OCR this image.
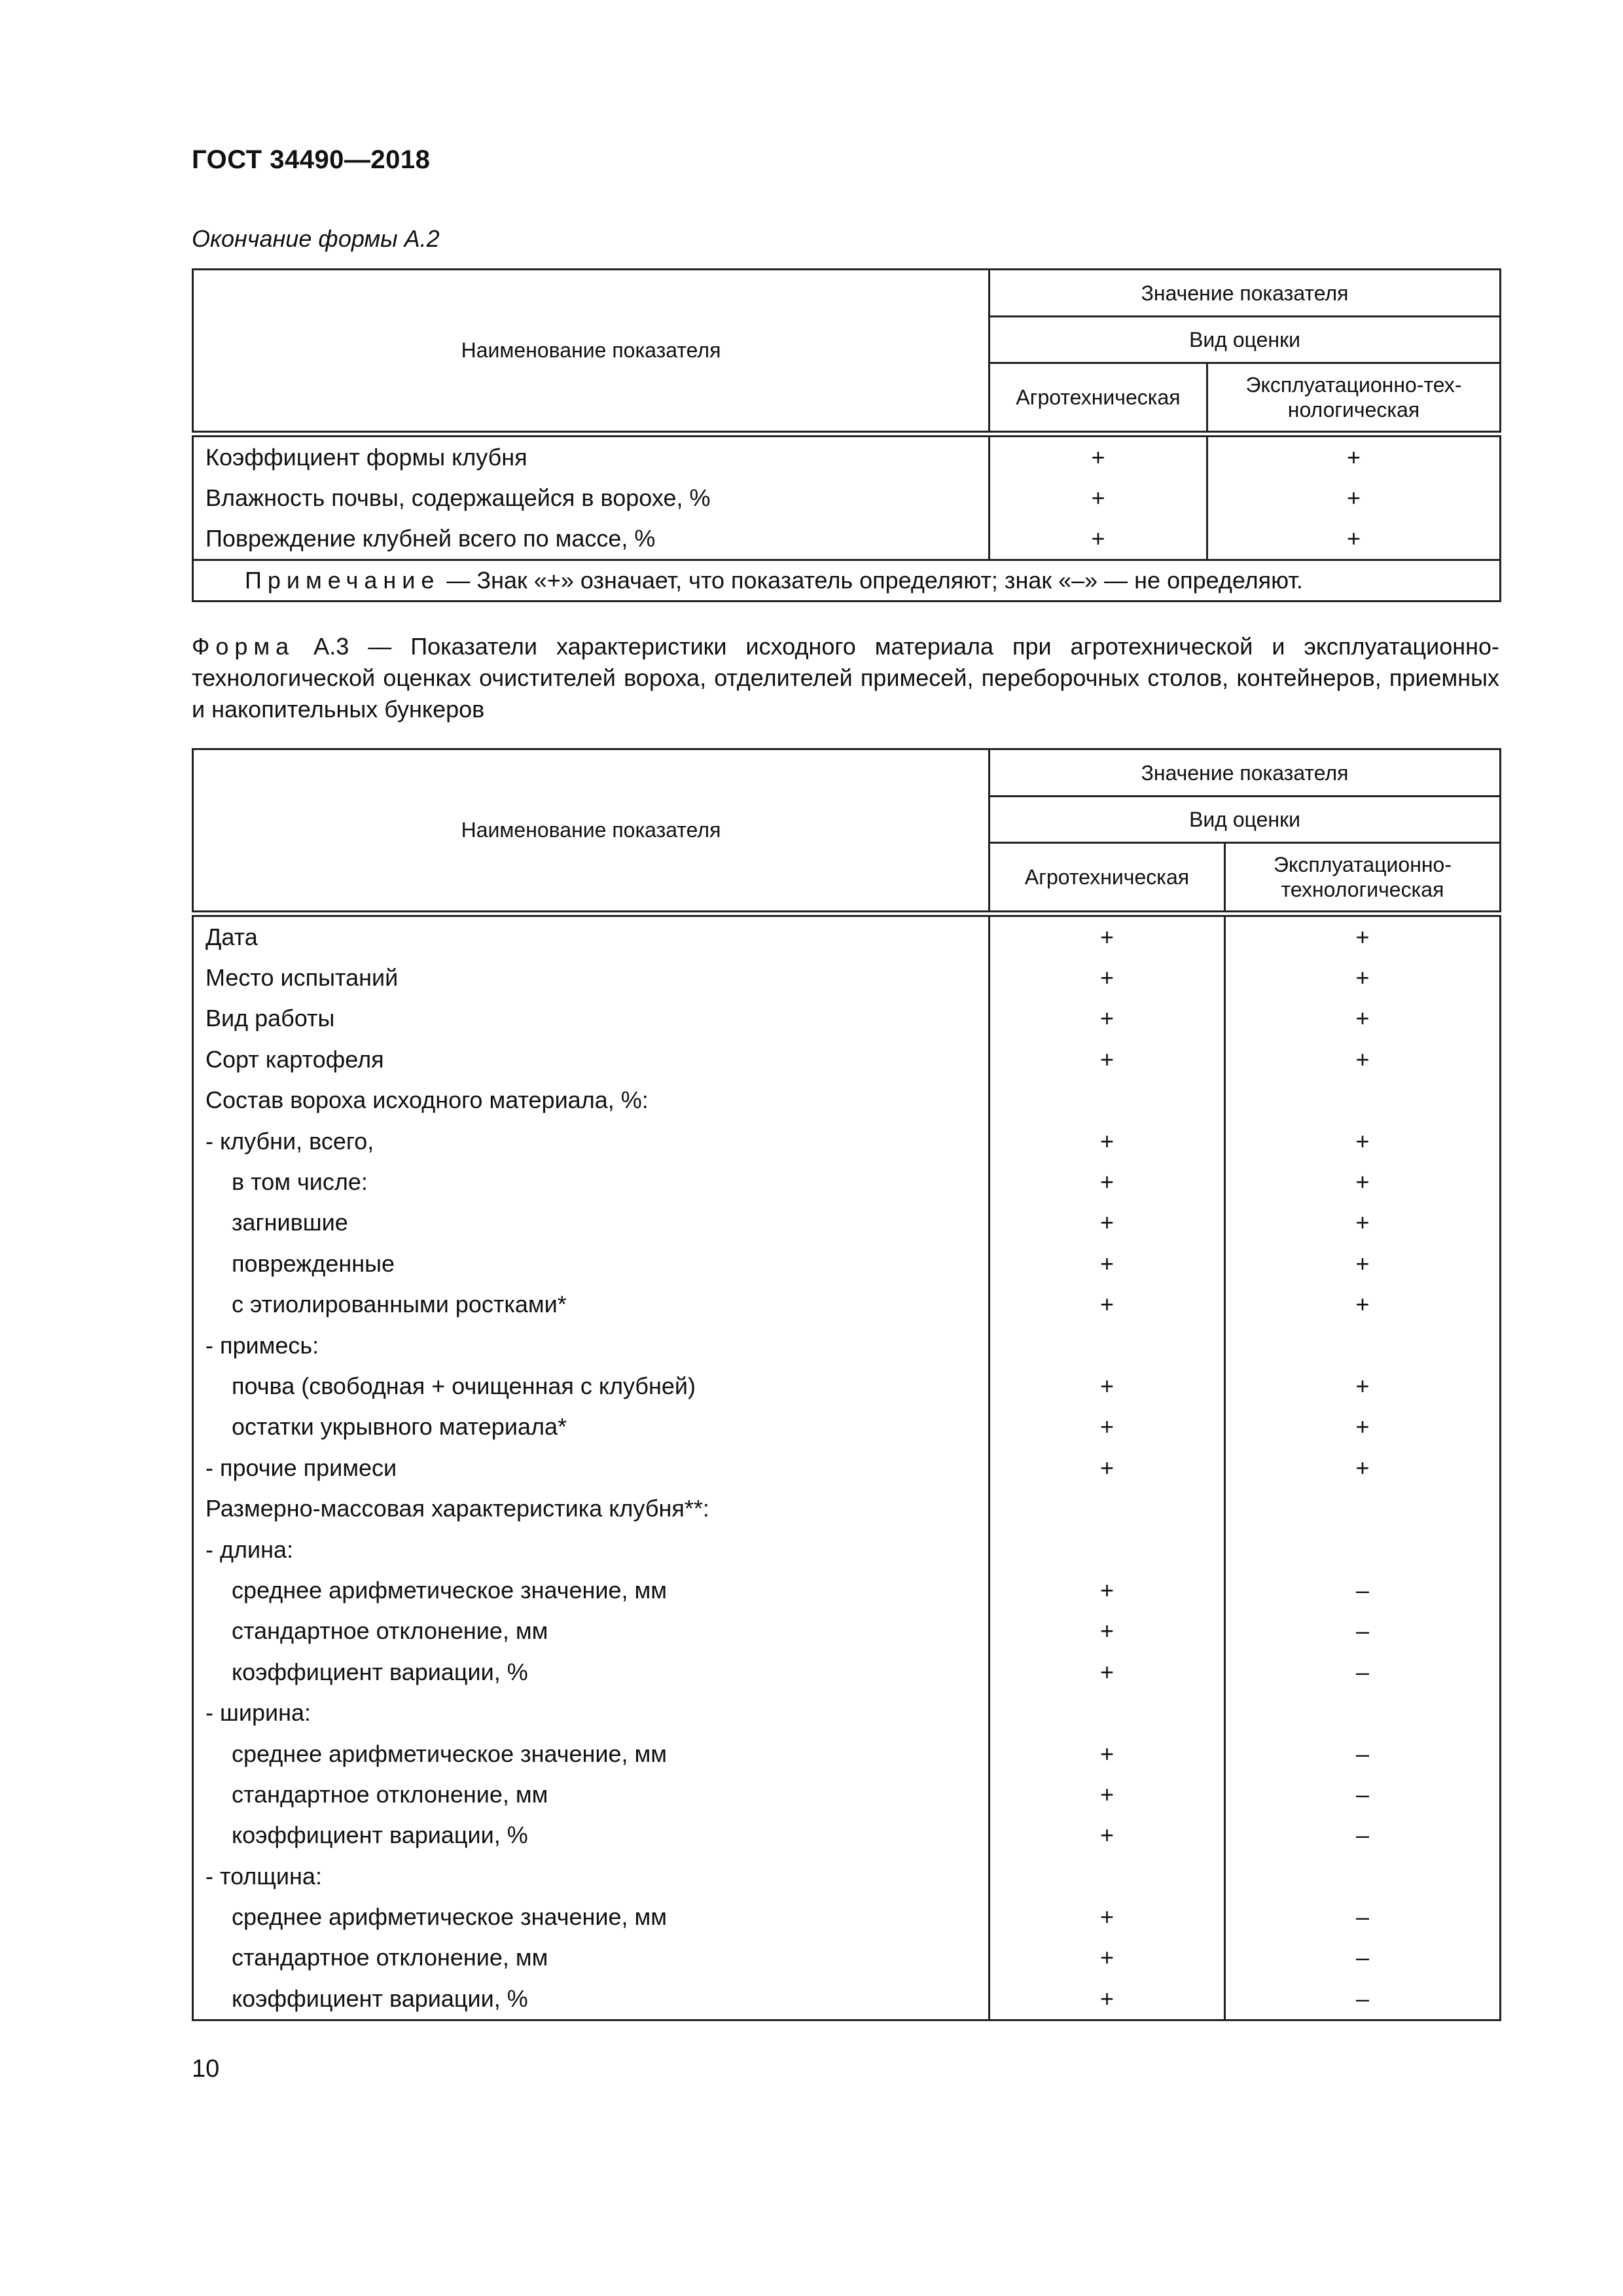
ГОСТ 34490—2018
Окончание формы А.2
Наименование показателя	Значение показателя	
	Вид оценки	
	Агротехническая	Эксплуатационно-тех-
нологическая
Коэффициент формы клубня	+	+
Влажность почвы, содержащейся в ворохе, %	+	+
Повреждение клубней всего по массе, %	+	+
Примечание — Знак «+» означает, что показатель определяют; знак «–» — не определяют.		
Форма А.3 — Показатели характеристики исходного материала при агротехнической и эксплуатационно-технологической оценках очистителей вороха, отделителей примесей, переборочных столов, контейнеров, приемных и накопительных бункеров
Наименование показателя	Значение показателя	
	Вид оценки	
	Агротехническая	Эксплуатационно-
технологическая
Дата	+	+
Место испытаний	+	+
Вид работы	+	+
Сорт картофеля	+	+
Состав вороха исходного материала, %:		
- клубни, всего,	+	+
в том числе:	+	+
загнившие	+	+
поврежденные	+	+
с этиолированными ростками*	+	+
- примесь:		
почва (свободная + очищенная с клубней)	+	+
остатки укрывного материала*	+	+
- прочие примеси	+	+
Размерно-массовая характеристика клубня**:		
- длина:		
среднее арифметическое значение, мм	+	–
стандартное отклонение, мм	+	–
коэффициент вариации, %	+	–
- ширина:		
среднее арифметическое значение, мм	+	–
стандартное отклонение, мм	+	–
коэффициент вариации, %	+	–
- толщина:		
среднее арифметическое значение, мм	+	–
стандартное отклонение, мм	+	–
коэффициент вариации, %	+	–
10
